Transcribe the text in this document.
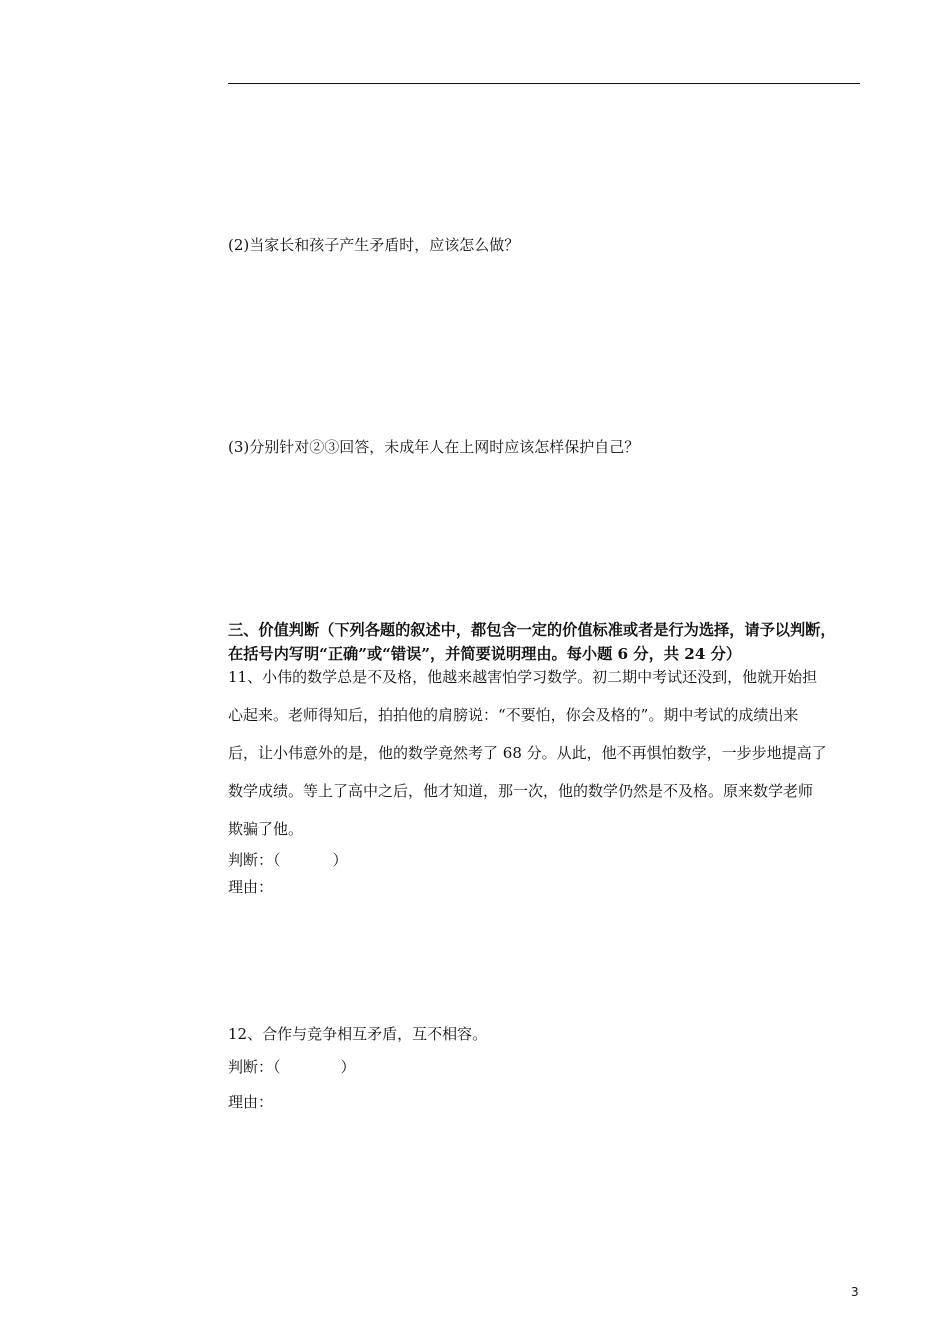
(2)当家长和孩子产生矛盾时，应该怎么做？
(3)分别针对②③回答，未成年人在上网时应该怎样保护自己？
三、价值判断（下列各题的叙述中，都包含一定的价值标准或者是行为选择，请予以判断，
在括号内写明“正确”或“错误”，并简要说明理由。每小题 6 分，共 24 分）
11、小伟的数学总是不及格，他越来越害怕学习数学。初二期中考试还没到，他就开始担
心起来。老师得知后，拍拍他的肩膀说：“不要怕，你会及格的”。期中考试的成绩出来
后，让小伟意外的是，他的数学竟然考了 68 分。从此，他不再惧怕数学，一步步地提高了
数学成绩。等上了高中之后，他才知道，那一次，他的数学仍然是不及格。原来数学老师
欺骗了他。
判断：（	）
理由：
12、合作与竞争相互矛盾，互不相容。
判断：（	）
理由：
3
